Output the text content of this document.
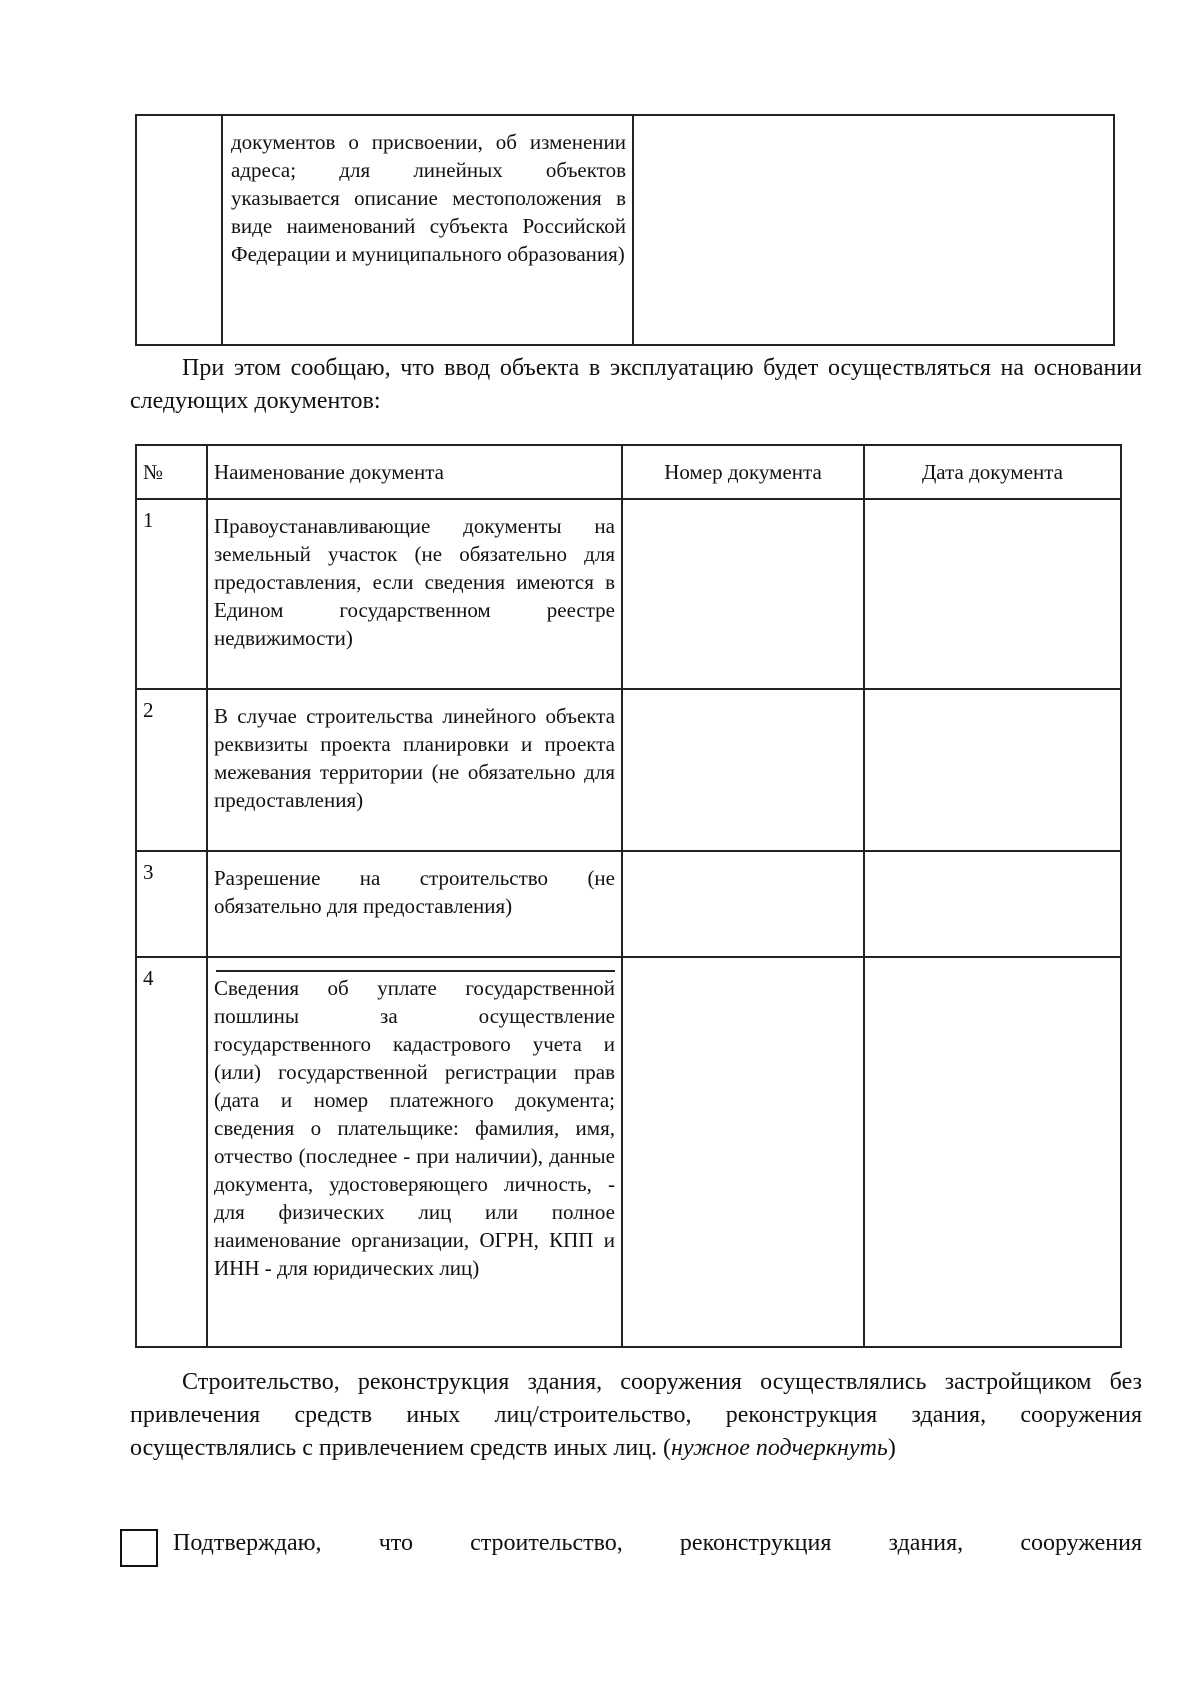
документов о присвоении, об изменении адреса; для линейных объектов указывается описание местоположения в виде наименований субъекта Российской Федерации и муниципального образования)

При этом сообщаю, что ввод объекта в эксплуатацию будет осуществляться на основании следующих документов:

№	Наименование документа	Номер документа	Дата документа
1	Правоустанавливающие документы на земельный участок (не обязательно для предоставления, если сведения имеются в Едином государственном реестре недвижимости)		

2	В случае строительства линейного объекта реквизиты проекта планировки и проекта межевания территории (не обязательно для предоставления)		

3	Разрешение на строительство (не обязательно для предоставления)		

4	Сведения об уплате государственной пошлины за осуществление государственного кадастрового учета и (или) государственной регистрации прав (дата и номер платежного документа; сведения о плательщике: фамилия, имя, отчество (последнее - при наличии), данные документа, удостоверяющего личность, - для физических лиц или полное наименование организации, ОГРН, КПП и ИНН - для юридических лиц)		

Строительство, реконструкция здания, сооружения осуществлялись застройщиком без привлечения средств иных лиц/строительство, реконструкция здания, сооружения осуществлялись с привлечением средств иных лиц. (нужное подчеркнуть)

Подтверждаю, что строительство, реконструкция здания, сооружения
